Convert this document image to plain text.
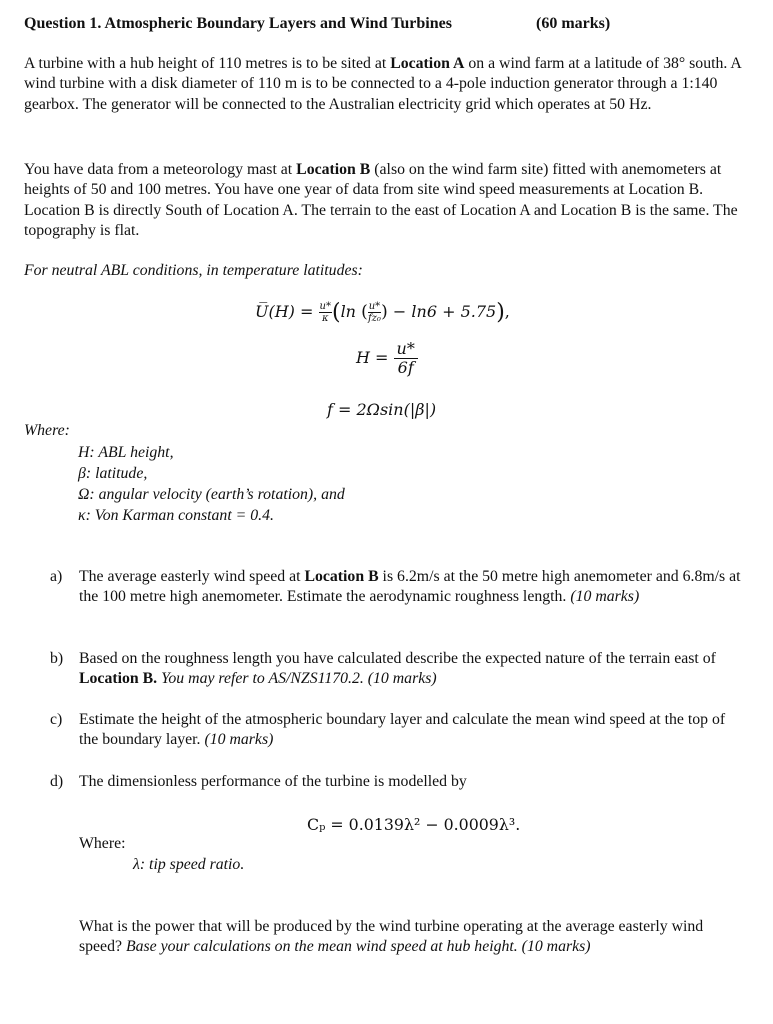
Question 1. Atmospheric Boundary Layers and Wind Turbines	(60 marks)
A turbine with a hub height of 110 metres is to be sited at Location A on a wind farm at a latitude of 38° south. A wind turbine with a disk diameter of 110 m is to be connected to a 4-pole induction generator through a 1:140 gearbox. The generator will be connected to the Australian electricity grid which operates at 50 Hz.
You have data from a meteorology mast at Location B (also on the wind farm site) fitted with anemometers at heights of 50 and 100 metres. You have one year of data from site wind speed measurements at Location B. Location B is directly South of Location A. The terrain to the east of Location A and Location B is the same. The topography is flat.
For neutral ABL conditions, in temperature latitudes:
U̅(H) = $\frac{u*}{\kappa} (\ln$ ( $\frac{u*}{\text{fz₀}}$ ) − ln6 + 5.75),
$H = \frac{u*}{6f}$
f = 2Ωsin(|β|)
Where:
H: ABL height,
β: latitude,
Ω: angular velocity (earth’s rotation), and
κ: Von Karman constant = 0.4.
a) The average easterly wind speed at Location B is 6.2m/s at the 50 metre high anemometer and 6.8m/s at the 100 metre high anemometer. Estimate the aerodynamic roughness length. (10 marks)
b) Based on the roughness length you have calculated describe the expected nature of the terrain east of Location B. You may refer to AS/NZS1170.2. (10 marks)
c) Estimate the height of the atmospheric boundary layer and calculate the mean wind speed at the top of the boundary layer. (10 marks)
d) The dimensionless performance of the turbine is modelled by
Cₚ = 0.0139λ² − 0.0009λ³.
Where:
λ: tip speed ratio.
What is the power that will be produced by the wind turbine operating at the average easterly wind speed? Base your calculations on the mean wind speed at hub height. (10 marks)
